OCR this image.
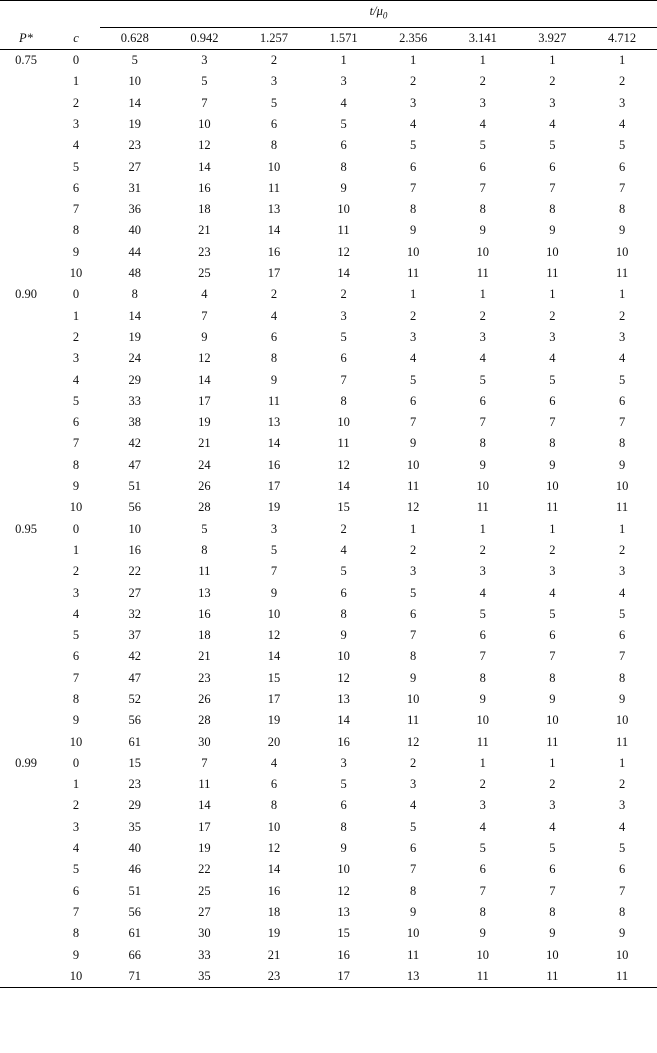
		$t/\mu_0$
P*	c	0.628	0.942	1.257	1.571	2.356	3.141	3.927	4.712
0.75	0	5	3	2	1	1	1	1	1
	1	10	5	3	3	2	2	2	2
	2	14	7	5	4	3	3	3	3
	3	19	10	6	5	4	4	4	4
	4	23	12	8	6	5	5	5	5
	5	27	14	10	8	6	6	6	6
	6	31	16	11	9	7	7	7	7
	7	36	18	13	10	8	8	8	8
	8	40	21	14	11	9	9	9	9
	9	44	23	16	12	10	10	10	10
	10	48	25	17	14	11	11	11	11
0.90	0	8	4	2	2	1	1	1	1
	1	14	7	4	3	2	2	2	2
	2	19	9	6	5	3	3	3	3
	3	24	12	8	6	4	4	4	4
	4	29	14	9	7	5	5	5	5
	5	33	17	11	8	6	6	6	6
	6	38	19	13	10	7	7	7	7
	7	42	21	14	11	9	8	8	8
	8	47	24	16	12	10	9	9	9
	9	51	26	17	14	11	10	10	10
	10	56	28	19	15	12	11	11	11
0.95	0	10	5	3	2	1	1	1	1
	1	16	8	5	4	2	2	2	2
	2	22	11	7	5	3	3	3	3
	3	27	13	9	6	5	4	4	4
	4	32	16	10	8	6	5	5	5
	5	37	18	12	9	7	6	6	6
	6	42	21	14	10	8	7	7	7
	7	47	23	15	12	9	8	8	8
	8	52	26	17	13	10	9	9	9
	9	56	28	19	14	11	10	10	10
	10	61	30	20	16	12	11	11	11
0.99	0	15	7	4	3	2	1	1	1
	1	23	11	6	5	3	2	2	2
	2	29	14	8	6	4	3	3	3
	3	35	17	10	8	5	4	4	4
	4	40	19	12	9	6	5	5	5
	5	46	22	14	10	7	6	6	6
	6	51	25	16	12	8	7	7	7
	7	56	27	18	13	9	8	8	8
	8	61	30	19	15	10	9	9	9
	9	66	33	21	16	11	10	10	10
	10	71	35	23	17	13	11	11	11
